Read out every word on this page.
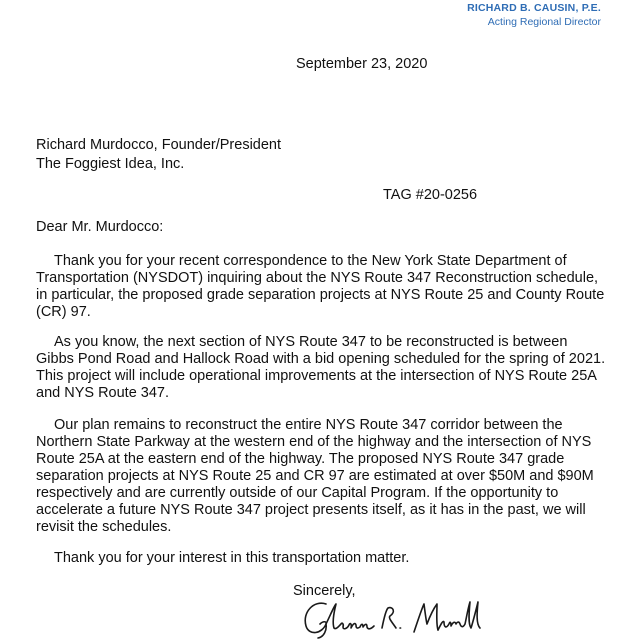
RICHARD B. CAUSIN, P.E.
Acting Regional Director
September 23, 2020
Richard Murdocco, Founder/President
The Foggiest Idea, Inc.
TAG #20-0256
Dear Mr. Murdocco:

Thank you for your recent correspondence to the New York State Department of Transportation (NYSDOT) inquiring about the NYS Route 347 Reconstruction schedule, in particular, the proposed grade separation projects at NYS Route 25 and County Route (CR) 97.

As you know, the next section of NYS Route 347 to be reconstructed is between Gibbs Pond Road and Hallock Road with a bid opening scheduled for the spring of 2021. This project will include operational improvements at the intersection of NYS Route 25A and NYS Route 347.

Our plan remains to reconstruct the entire NYS Route 347 corridor between the Northern State Parkway at the western end of the highway and the intersection of NYS Route 25A at the eastern end of the highway. The proposed NYS Route 347 grade separation projects at NYS Route 25 and CR 97 are estimated at over $50M and $90M respectively and are currently outside of our Capital Program. If the opportunity to accelerate a future NYS Route 347 project presents itself, as it has in the past, we will revisit the schedules.

Thank you for your interest in this transportation matter.

Sincerely,
